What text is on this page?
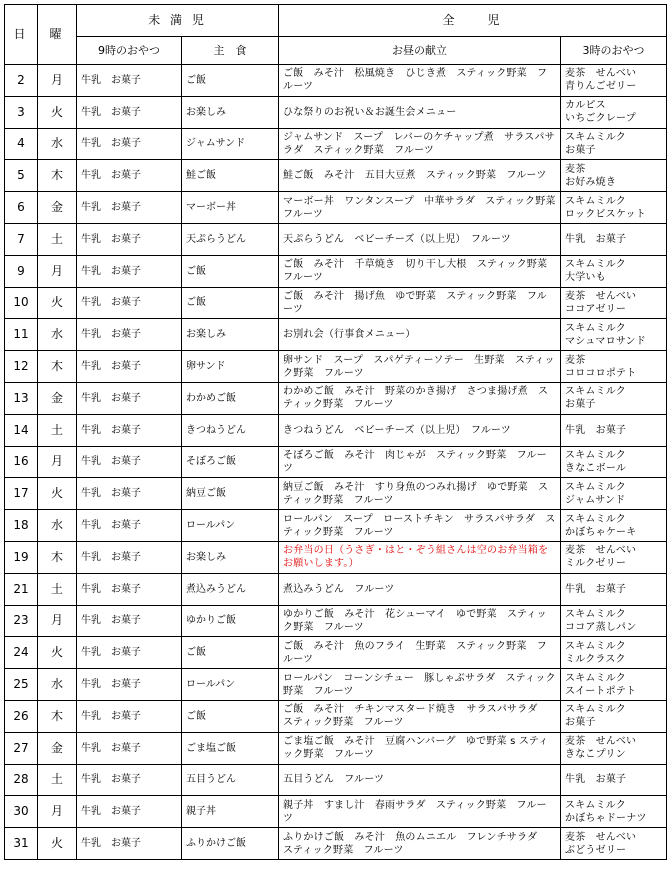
日	曜	未 満 児		全　　児	
		9時のおやつ	主　食	お昼の献立	3時のおやつ

2	月	牛乳　お菓子	ご飯	ご飯　みそ汁　松風焼き　ひじき煮　スティック野菜　フルーツ	麦茶　せんべい
青りんごゼリー

3	火	牛乳　お菓子	お楽しみ	ひな祭りのお祝い＆お誕生会メニュー	カルピス
いちごクレープ

4	水	牛乳　お菓子	ジャムサンド	ジャムサンド　スープ　レバーのケチャップ煮　サラスパサラダ　スティック野菜　フルーツ	スキムミルク
お菓子

5	木	牛乳　お菓子	鮭ご飯	鮭ご飯　みそ汁　五目大豆煮　スティック野菜　フルーツ	麦茶
お好み焼き

6	金	牛乳　お菓子	マーボー丼	マーボー丼　ワンタンスープ　中華サラダ　スティック野菜　フルーツ	スキムミルク
ロックビスケット

7	土	牛乳　お菓子	天ぷらうどん	天ぷらうどん　ベビーチーズ（以上児）　フルーツ	牛乳　お菓子

9	月	牛乳　お菓子	ご飯	ご飯　みそ汁　千草焼き　切り干し大根　スティック野菜　フルーツ	スキムミルク
大学いも

10	火	牛乳　お菓子	ご飯	ご飯　みそ汁　揚げ魚　ゆで野菜　スティック野菜　フルーツ	麦茶　せんべい
ココアゼリー

11	水	牛乳　お菓子	お楽しみ	お別れ会（行事食メニュー）	スキムミルク
マシュマロサンド

12	木	牛乳　お菓子	卵サンド	卵サンド　スープ　スパゲティーソテー　生野菜　スティック野菜　フルーツ	麦茶
コロコロポテト

13	金	牛乳　お菓子	わかめご飯	わかめご飯　みそ汁　野菜のかき揚げ　さつま揚げ煮　スティック野菜　フルーツ	スキムミルク
お菓子

14	土	牛乳　お菓子	きつねうどん	きつねうどん　ベビーチーズ（以上児）　フルーツ	牛乳　お菓子

16	月	牛乳　お菓子	そぼろご飯	そぼろご飯　みそ汁　肉じゃが　スティック野菜　フルーツ	スキムミルク
きなこボール

17	火	牛乳　お菓子	納豆ご飯	納豆ご飯　みそ汁　すり身魚のつみれ揚げ　ゆで野菜　スティック野菜　フルーツ	スキムミルク
ジャムサンド

18	水	牛乳　お菓子	ロールパン	ロールパン　スープ　ローストチキン　サラスパサラダ　スティック野菜　フルーツ	スキムミルク
かぼちゃケーキ

19	木	牛乳　お菓子	お楽しみ	お弁当の日（うさぎ・はと・ぞう組さんは空のお弁当箱をお願いします。）	麦茶　せんべい
ミルクゼリー

21	土	牛乳　お菓子	煮込みうどん	煮込みうどん　フルーツ	牛乳　お菓子

23	月	牛乳　お菓子	ゆかりご飯	ゆかりご飯　みそ汁　花シューマイ　ゆで野菜　スティック野菜　フルーツ	スキムミルク
ココア蒸しパン

24	火	牛乳　お菓子	ご飯	ご飯　みそ汁　魚のフライ　生野菜　スティック野菜　フルーツ	スキムミルク
ミルクラスク

25	水	牛乳　お菓子	ロールパン	ロールパン　コーンシチュー　豚しゃぶサラダ　スティック野菜　フルーツ	スキムミルク
スイートポテト

26	木	牛乳　お菓子	ご飯	ご飯　みそ汁　チキンマスタード焼き　サラスパサラダ　スティック野菜　フルーツ	スキムミルク
お菓子

27	金	牛乳　お菓子	ごま塩ご飯	ごま塩ご飯　みそ汁　豆腐ハンバーグ　ゆで野菜 s スティック野菜　フルーツ	麦茶　せんべい
きなこプリン

28	土	牛乳　お菓子	五目うどん	五目うどん　フルーツ	牛乳　お菓子

30	月	牛乳　お菓子	親子丼	親子丼　すまし汁　春雨サラダ　スティック野菜　フルーツ	スキムミルク
かぼちゃドーナツ

31	火	牛乳　お菓子	ふりかけご飯	ふりかけご飯　みそ汁　魚のムニエル　フレンチサラダ　スティック野菜　フルーツ	麦茶　せんべい
ぶどうゼリー
